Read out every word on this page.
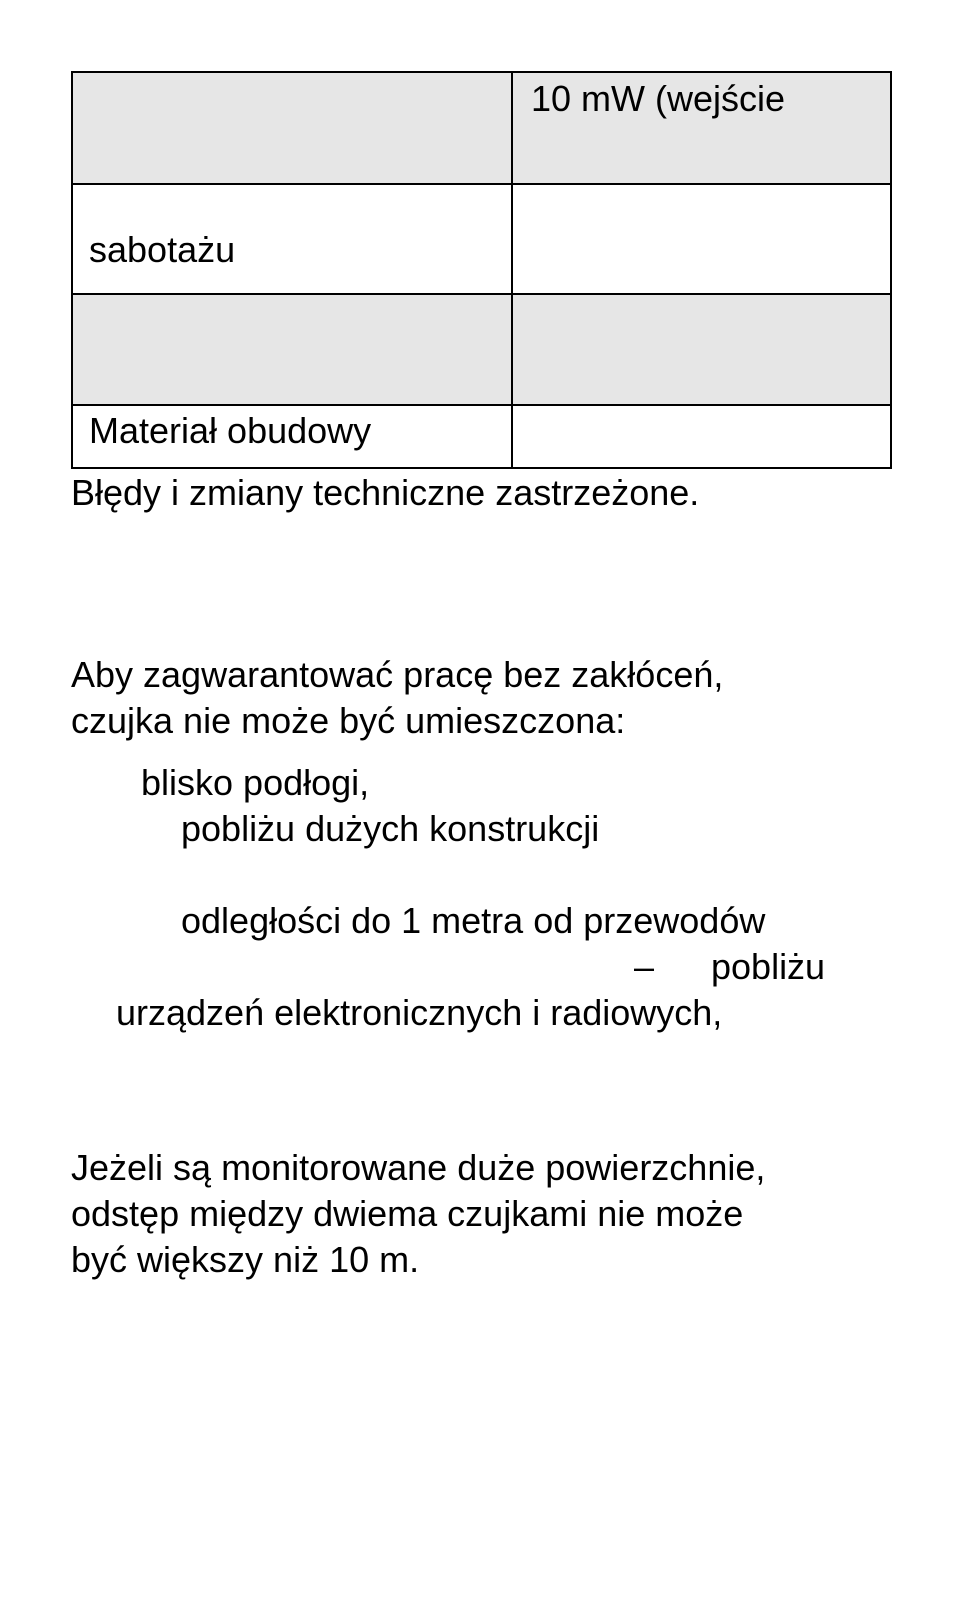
	10 mW (wejście
sabotażu	

Materiał obudowy	

Błędy i zmiany techniczne zastrzeżone.

Aby zagwarantować pracę bez zakłóceń,

czujka nie może być umieszczona:

blisko podłogi,

pobliżu dużych konstrukcji

odległości do 1 metra od przewodów

– pobliżu

urządzeń elektronicznych i radiowych,

Jeżeli są monitorowane duże powierzchnie,

odstęp między dwiema czujkami nie może

być większy niż 10 m.
